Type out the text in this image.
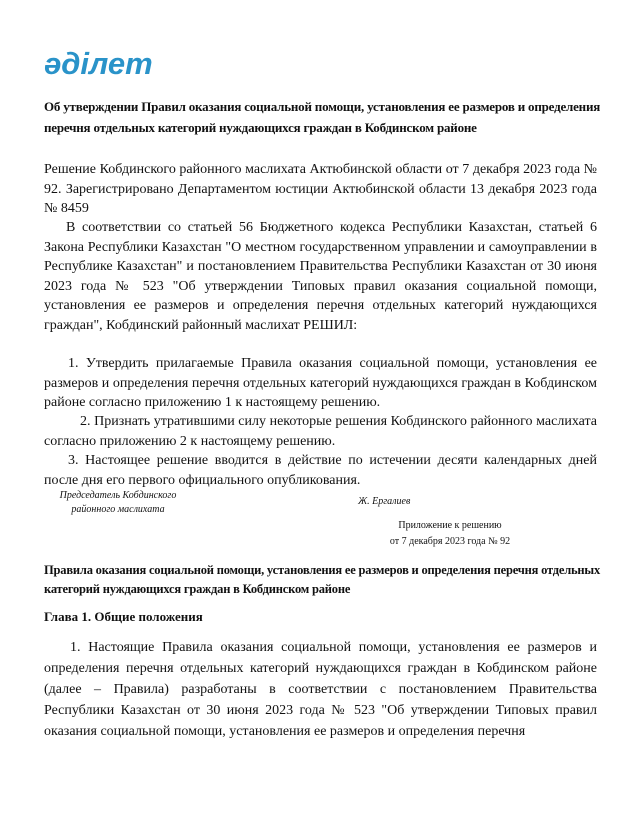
әділет
Об утверждении Правил оказания социальной помощи, установления ее размеров и определения перечня отдельных категорий нуждающихся граждан в Кобдинском районе
Решение Кобдинского районного маслихата Актюбинской области от 7 декабря 2023 года № 92. Зарегистрировано Департаментом юстиции Актюбинской области 13 декабря 2023 года № 8459
В соответствии со статьей 56 Бюджетного кодекса Республики Казахстан, статьей 6 Закона Республики Казахстан "О местном государственном управлении и самоуправлении в Республике Казахстан" и постановлением Правительства Республики Казахстан от 30 июня 2023 года № 523 "Об утверждении Типовых правил оказания социальной помощи, установления ее размеров и определения перечня отдельных категорий нуждающихся граждан", Кобдинский районный маслихат РЕШИЛ:
1. Утвердить прилагаемые Правила оказания социальной помощи, установления ее размеров и определения перечня отдельных категорий нуждающихся граждан в Кобдинском районе согласно приложению 1 к настоящему решению.
2. Признать утратившими силу некоторые решения Кобдинского районного маслихата согласно приложению 2 к настоящему решению.
3. Настоящее решение вводится в действие по истечении десяти календарных дней после дня его первого официального опубликования.
Председатель Кобдинского
районного маслихата
Ж. Ергалиев
Приложение к решению
от 7 декабря 2023 года № 92
Правила оказания социальной помощи, установления ее размеров и определения перечня отдельных категорий нуждающихся граждан в Кобдинском районе
Глава 1. Общие положения
1. Настоящие Правила оказания социальной помощи, установления ее размеров и определения перечня отдельных категорий нуждающихся граждан в Кобдинском районе (далее – Правила) разработаны в соответствии с постановлением Правительства Республики Казахстан от 30 июня 2023 года № 523 "Об утверждении Типовых правил оказания социальной помощи, установления ее размеров и определения перечня
